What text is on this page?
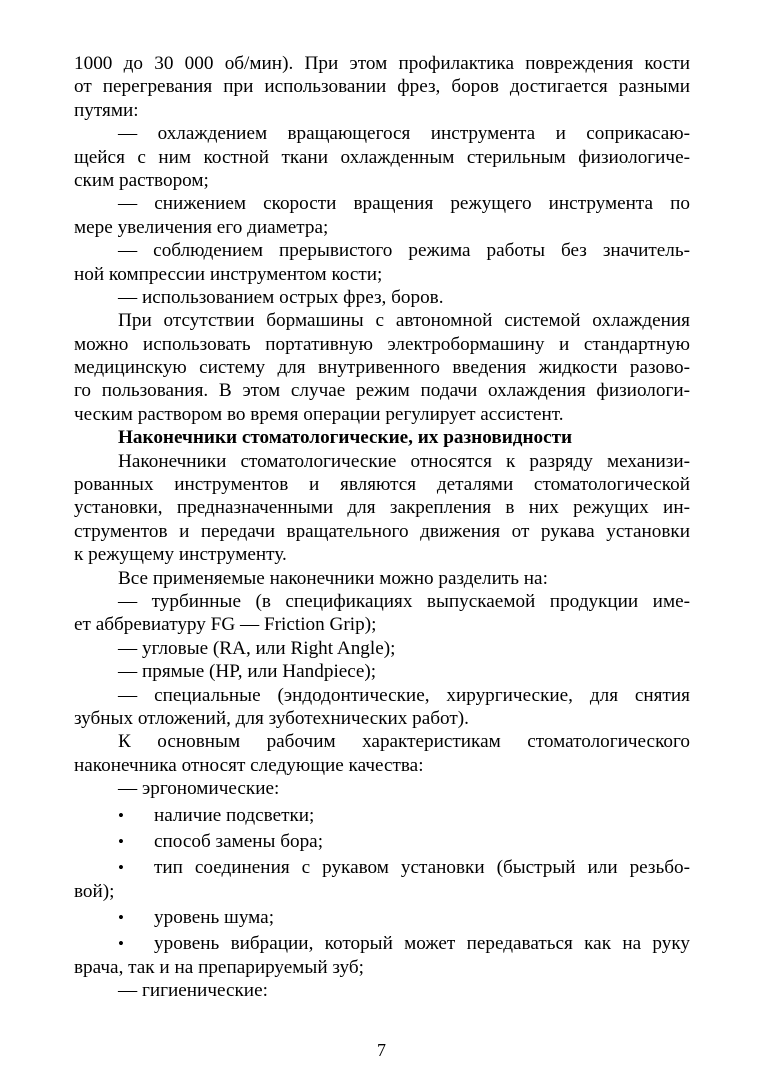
1000 до 30 000 об/мин). При этом профилактика повреждения кости
от перегревания при использовании фрез, боров достигается разными
путями:
— охлаждением вращающегося инструмента и соприкасаю-
щейся с ним костной ткани охлажденным стерильным физиологиче-
ским раствором;
— снижением скорости вращения режущего инструмента по
мере увеличения его диаметра;
— соблюдением прерывистого режима работы без значитель-
ной компрессии инструментом кости;
— использованием острых фрез, боров.
При отсутствии бормашины с автономной системой охлаждения
можно использовать портативную электробормашину и стандартную
медицинскую систему для внутривенного введения жидкости разово-
го пользования. В этом случае режим подачи охлаждения физиологи-
ческим раствором во время операции регулирует ассистент.
Наконечники стоматологические, их разновидности
Наконечники стоматологические относятся к разряду механизи-
рованных инструментов и являются деталями стоматологической
установки, предназначенными для закрепления в них режущих ин-
струментов и передачи вращательного движения от рукава установки
к режущему инструменту.
Все применяемые наконечники можно разделить на:
— турбинные (в спецификациях выпускаемой продукции име-
ет аббревиатуру FG — Friction Grip);
— угловые (RA, или Right Angle);
— прямые (HP, или Handpiece);
— специальные (эндодонтические, хирургические, для снятия
зубных отложений, для зуботехнических работ).
К основным рабочим характеристикам стоматологического
наконечника относят следующие качества:
— эргономические:
• наличие подсветки;
• способ замены бора;
• тип соединения с рукавом установки (быстрый или резьбо-
вой);
• уровень шума;
• уровень вибрации, который может передаваться как на руку
врача, так и на препарируемый зуб;
— гигиенические:
7
